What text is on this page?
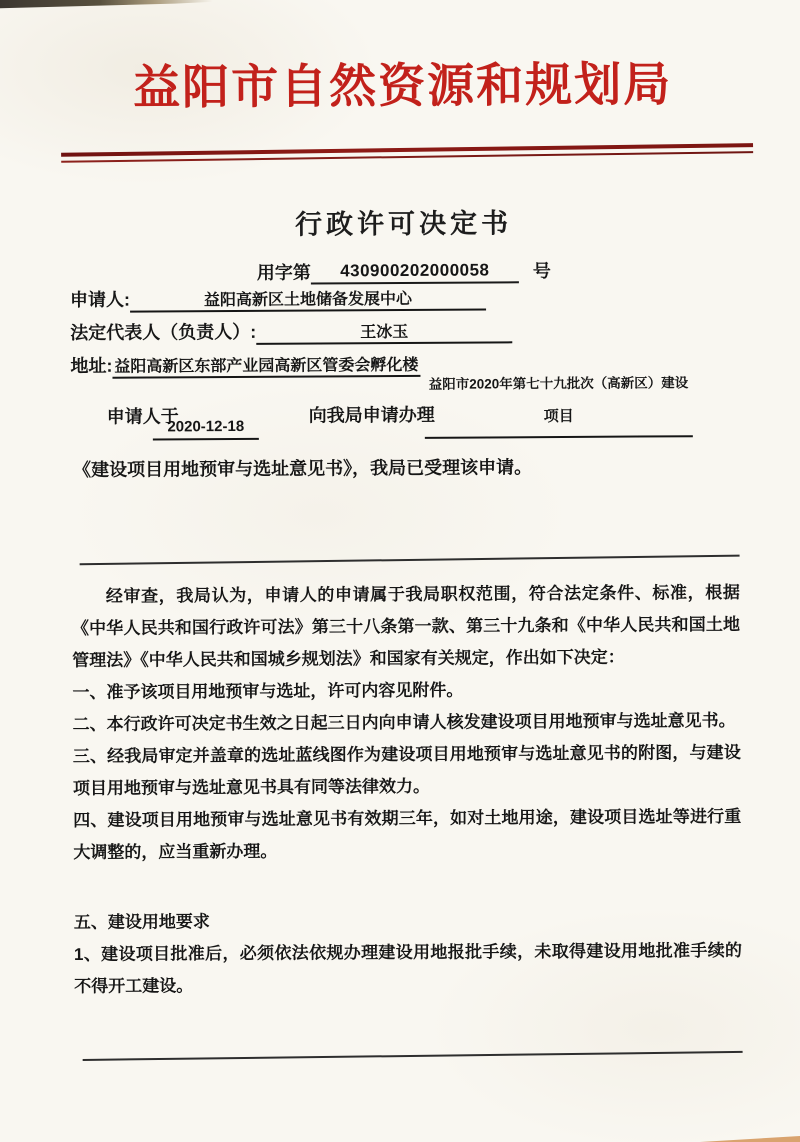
益阳市自然资源和规划局
行政许可决定书
用字第 430900202000058 号
申请人:	益阳高新区土地储备发展中心
法定代表人（负责人）:	王冰玉
地址: 益阳高新区东部产业园高新区管委会孵化楼
申请人于
2020-12-18
向我局申请办理
益阳市2020年第七十九批次（高新区）建设
项目

《建设项目用地预审与选址意见书》，我局已受理该申请。

经审查，我局认为，申请人的申请属于我局职权范围，符合法定条件、标准，根据《中华人民共和国行政许可法》第三十八条第一款、第三十九条和《中华人民共和国土地管理法》《中华人民共和国城乡规划法》和国家有关规定，作出如下决定：

一、准予该项目用地预审与选址，许可内容见附件。

二、本行政许可决定书生效之日起三日内向申请人核发建设项目用地预审与选址意见书。

三、经我局审定并盖章的选址蓝线图作为建设项目用地预审与选址意见书的附图，与建设项目用地预审与选址意见书具有同等法律效力。

四、建设项目用地预审与选址意见书有效期三年，如对土地用途，建设项目选址等进行重大调整的，应当重新办理。

五、建设用地要求

1、建设项目批准后，必须依法依规办理建设用地报批手续，未取得建设用地批准手续的不得开工建设。
